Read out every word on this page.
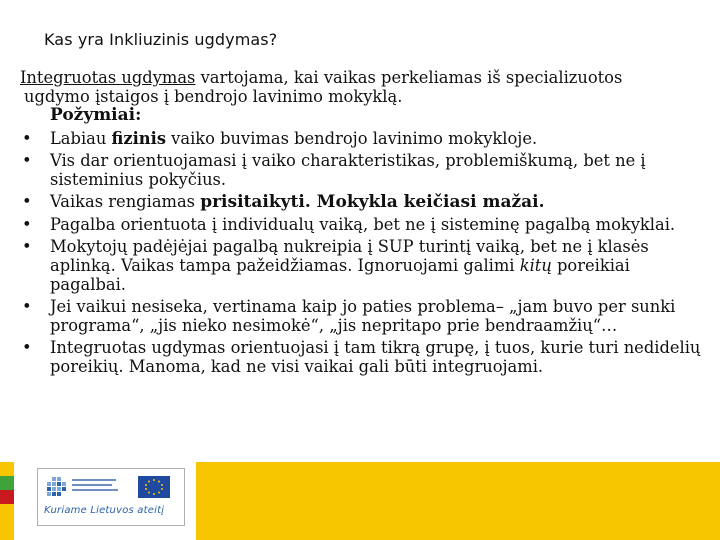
Kas yra Inkliuzinis ugdymas?
Integruotas ugdymas vartojama, kai vaikas perkeliamas iš specializuotos
ugdymo įstaigos į bendrojo lavinimo mokyklą.
Požymiai:
• Labiau fizinis vaiko buvimas bendrojo lavinimo mokykloje.
• Vis dar orientuojamasi į vaiko charakteristikas, problemiškumą, bet ne į sisteminius pokyčius.
• Vaikas rengiamas prisitaikyti. Mokykla keičiasi mažai.
• Pagalba orientuota į individualų vaiką, bet ne į sisteminę pagalbą mokyklai.
• Mokytojų padėjėjai pagalbą nukreipia į SUP turintį vaiką, bet ne į klasės aplinką. Vaikas tampa pažeidžiamas. Ignoruojami galimi kitų poreikiai pagalbai.
• Jei vaikui nesiseka, vertinama kaip jo paties problema– „jam buvo per sunki programa“, „jis nieko nesimokė“, „jis nepritapo prie bendraamžių“…
• Integruotas ugdymas orientuojasi į tam tikrą grupę, į tuos, kurie turi nedidelių poreikių. Manoma, kad ne visi vaikai gali būti integruojami.
Kuriame Lietuvos ateitį
